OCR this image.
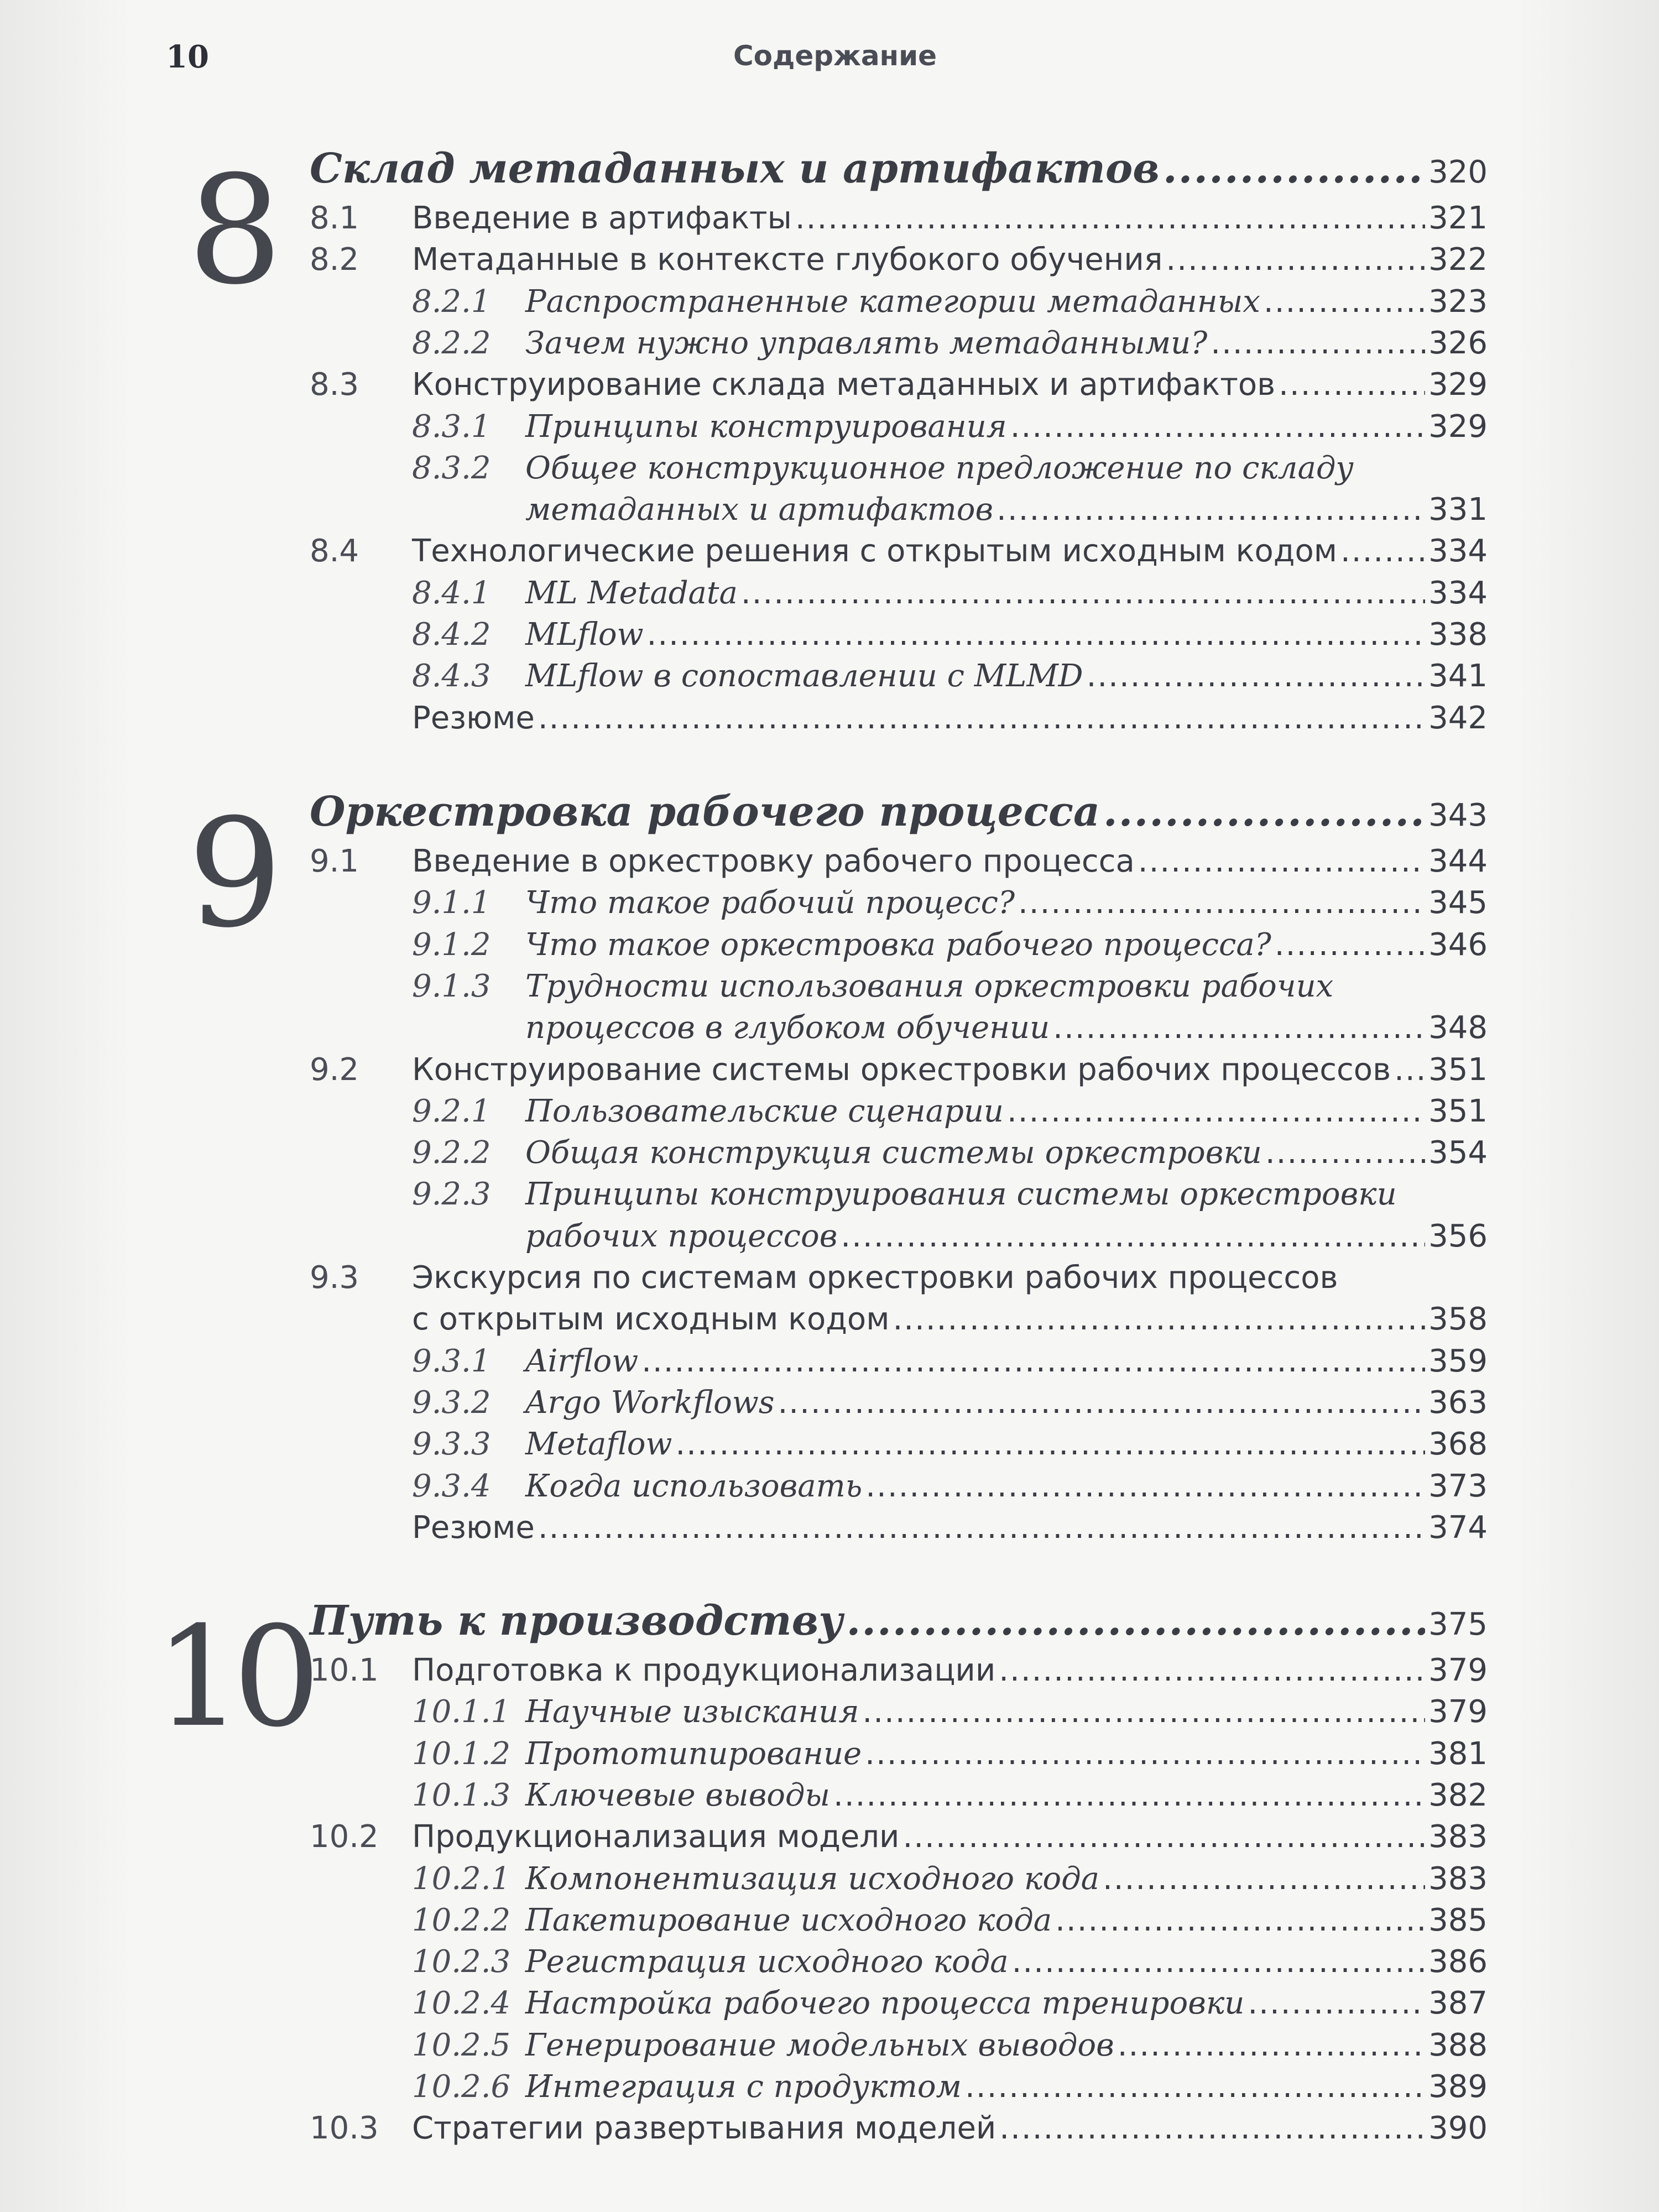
10	Содержание
8 Склад метаданных и артифактов .....	320
8.1	Введение в артифакты .....	321
8.2	Метаданные в контексте глубокого обучения .....	322
8.2.1	Распространенные категории метаданных .....	323
8.2.2	Зачем нужно управлять метаданными? .....	326
8.3	Конструирование склада метаданных и артифактов .....	329
8.3.1	Принципы конструирования .....	329
8.3.2	Общее конструкционное предложение по складу
метаданных и артифактов .....	331
8.4	Технологические решения с открытым исходным кодом .....	334
8.4.1	ML Metadata .....	334
8.4.2	MLflow .....	338
8.4.3	MLflow в сопоставлении с MLMD .....	341
Резюме .....	342
9 Оркестровка рабочего процесса .....	343
9.1	Введение в оркестровку рабочего процесса .....	344
9.1.1	Что такое рабочий процесс? .....	345
9.1.2	Что такое оркестровка рабочего процесса? .....	346
9.1.3	Трудности использования оркестровки рабочих
процессов в глубоком обучении .....	348
9.2	Конструирование системы оркестровки рабочих процессов ..... 351
9.2.1	Пользовательские сценарии .....	351
9.2.2	Общая конструкция системы оркестровки .....	354
9.2.3	Принципы конструирования системы оркестровки
рабочих процессов .....	356
9.3	Экскурсия по системам оркестровки рабочих процессов
с открытым исходным кодом .....	358
9.3.1	Airflow .....	359
9.3.2	Argo Workflows .....	363
9.3.3	Metaflow .....	368
9.3.4	Когда использовать .....	373
Резюме .....	374
10
Путь к производству .....	375
10.1	Подготовка к продукционализации .....	379
10.1.1 Научные изыскания .....	379
10.1.2 Прототипирование .....	381
10.1.3 Ключевые выводы .....	382
10.2	Продукционализация модели .....	383
10.2.1 Компонентизация исходного кода .....	383
10.2.2 Пакетирование исходного кода .....	385
10.2.3 Регистрация исходного кода .....	386
10.2.4 Настройка рабочего процесса тренировки .....	387
10.2.5 Генерирование модельных выводов .....	388
10.2.6 Интеграция с продуктом .....	389
10.3	Стратегии развертывания моделей .....	390
